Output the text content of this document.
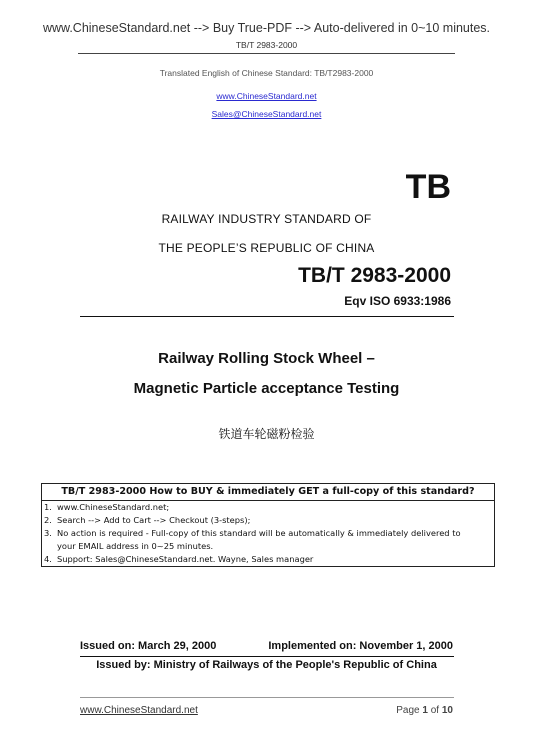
www.ChineseStandard.net --> Buy True-PDF --> Auto-delivered in 0~10 minutes.
TB/T 2983-2000
Translated English of Chinese Standard: TB/T2983-2000
www.ChineseStandard.net
Sales@ChineseStandard.net
TB
RAILWAY INDUSTRY STANDARD OF
THE PEOPLE’S REPUBLIC OF CHINA
TB/T 2983-2000
Eqv ISO 6933:1986
Railway Rolling Stock Wheel –
Magnetic Particle acceptance Testing
铁道车轮磁粉检验
TB/T 2983-2000 How to BUY & immediately GET a full-copy of this standard?
1. www.ChineseStandard.net;
2. Search --> Add to Cart --> Checkout (3-steps);
3. No action is required - Full-copy of this standard will be automatically & immediately delivered to
your EMAIL address in 0~25 minutes.
4. Support: Sales@ChineseStandard.net. Wayne, Sales manager
Issued on: March 29, 2000	Implemented on: November 1, 2000
Issued by: Ministry of Railways of the People's Republic of China
www.ChineseStandard.net	Page 1 of 10
